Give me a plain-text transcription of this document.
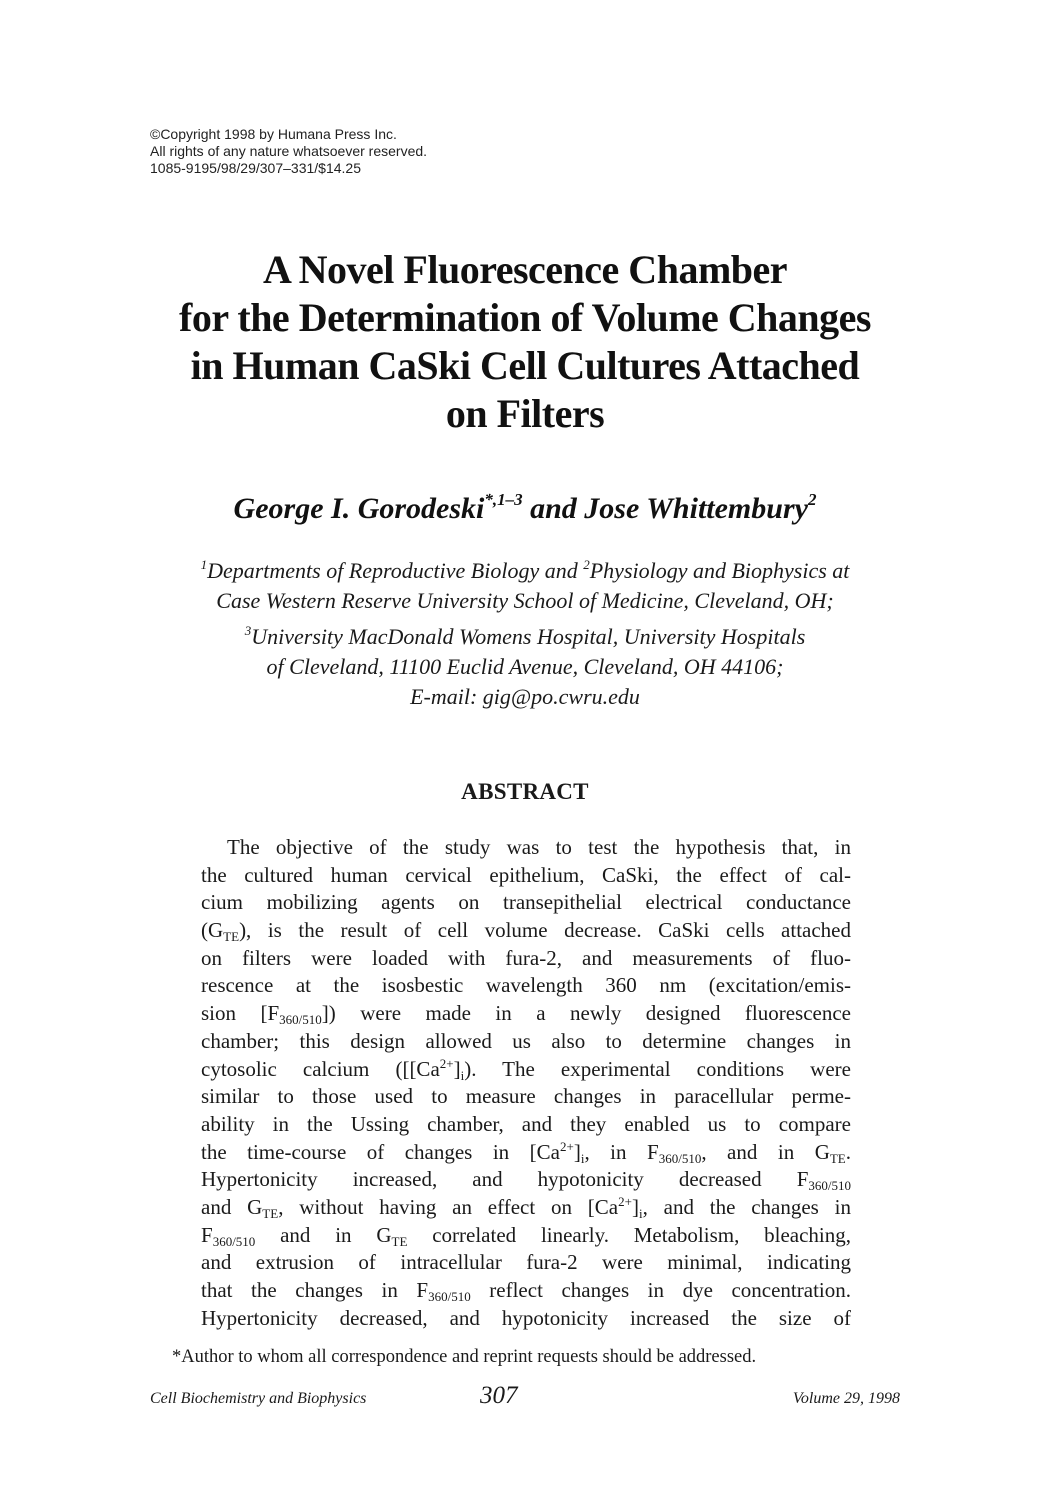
©Copyright 1998 by Humana Press Inc.
All rights of any nature whatsoever reserved.
1085-9195/98/29/307–331/$14.25
A Novel Fluorescence Chamber
for the Determination of Volume Changes
in Human CaSki Cell Cultures Attached
on Filters
George I. Gorodeski$^{*,1-3}$ and Jose Whittembury$^2$
$^1$Departments of Reproductive Biology and $^2$Physiology and Biophysics at
Case Western Reserve University School of Medicine, Cleveland, OH;
$^3$University MacDonald Womens Hospital, University Hospitals
of Cleveland, 11100 Euclid Avenue, Cleveland, OH 44106;
E-mail: gig@po.cwru.edu
ABSTRACT
The objective of the study was to test the hypothesis that, in
the cultured human cervical epithelium, CaSki, the effect of cal-
cium mobilizing agents on transepithelial electrical conductance
$(G_{TE})$, is the result of cell volume decrease. CaSki cells attached
on filters were loaded with fura-2, and measurements of fluo-
rescence at the isosbestic wavelength 360 nm (excitation/emis-
sion $[F_{360/510}]$) were made in a newly designed fluorescence
chamber; this design allowed us also to determine changes in
cytosolic calcium ($[[Ca^{2+}]_i)$. The experimental conditions were
similar to those used to measure changes in paracellular perme-
ability in the Ussing chamber, and they enabled us to compare
the time-course of changes in $[Ca^{2+}]_i$, in $F_{360/510}$, and in $G_{TE}$.
Hypertonicity increased, and hypotonicity decreased $F_{360/510}$
and $G_{TE}$, without having an effect on $[Ca^{2+}]_i$, and the changes in
$F_{360/510}$ and in $G_{TE}$ correlated linearly. Metabolism, bleaching,
and extrusion of intracellular fura-2 were minimal, indicating
that the changes in $F_{360/510}$ reflect changes in dye concentration.
Hypertonicity decreased, and hypotonicity increased the size of
*Author to whom all correspondence and reprint requests should be addressed.
Cell Biochemistry and Biophysics	307	Volume 29, 1998
